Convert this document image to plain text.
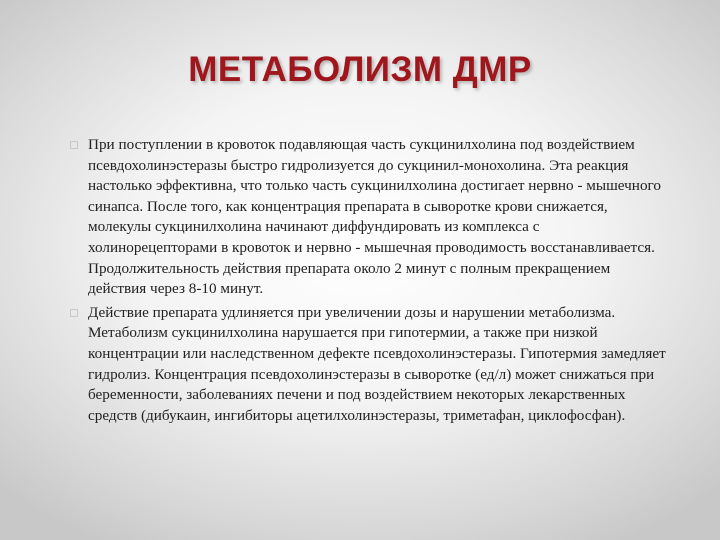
МЕТАБОЛИЗМ ДМР
При поступлении в кровоток подавляющая часть сукцинилхолина под воздействием псевдохолинэстеразы быстро гидролизуется до сукцинил-монохолина. Эта реакция настолько эффективна, что только часть сукцинилхолина достигает нервно - мышечного синапса. После того, как концентрация препарата в сыворотке крови снижается, молекулы сукцинилхолина начинают диффундировать из комплекса с холинорецепторами в кровоток и нервно - мышечная проводимость восстанавливается. Продолжительность действия препарата около 2 минут с полным прекращением действия через 8-10 минут.
Действие препарата удлиняется при увеличении дозы и нарушении метаболизма. Метаболизм сукцинилхолина нарушается при гипотермии, а также при низкой концентрации или наследственном дефекте псевдохолинэстеразы. Гипотермия замедляет гидролиз. Концентрация псевдохолинэстеразы в сыворотке (ед/л) может снижаться при беременности, заболеваниях печени и под воздействием некоторых лекарственных средств (дибукаин, ингибиторы ацетилхолинэстеразы, триметафан, циклофосфан).
